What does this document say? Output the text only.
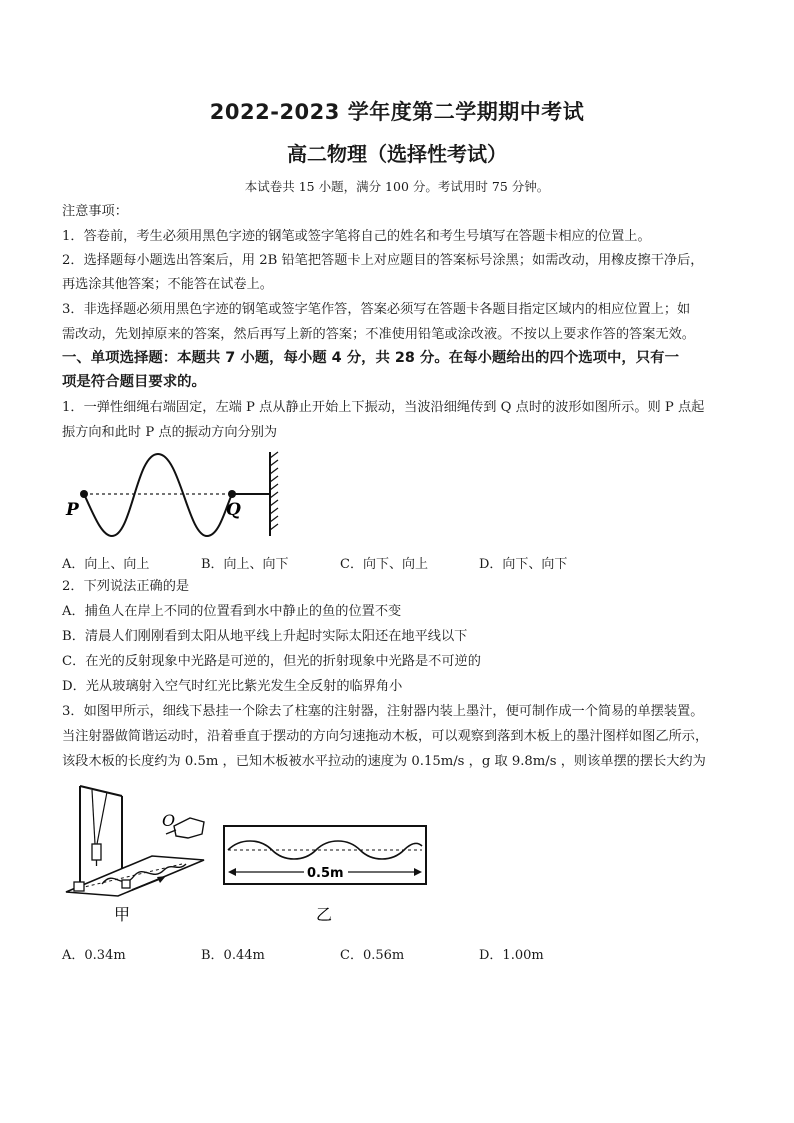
2022-2023 学年度第二学期期中考试
高二物理（选择性考试）
本试卷共 15 小题，满分 100 分。考试用时 75 分钟。
注意事项：
1．答卷前，考生必须用黑色字迹的钢笔或签字笔将自己的姓名和考生号填写在答题卡相应的位置上。
2．选择题每小题选出答案后，用 2B 铅笔把答题卡上对应题目的答案标号涂黑；如需改动，用橡皮擦干净后，
再选涂其他答案；不能答在试卷上。
3．非选择题必须用黑色字迹的钢笔或签字笔作答，答案必须写在答题卡各题目指定区域内的相应位置上；如
需改动，先划掉原来的答案，然后再写上新的答案；不准使用铅笔或涂改液。不按以上要求作答的答案无效。
一、单项选择题：本题共 7 小题，每小题 4 分，共 28 分。在每小题给出的四个选项中，只有一
项是符合题目要求的。
1．一弹性细绳右端固定，左端 P 点从静止开始上下振动，当波沿细绳传到 Q 点时的波形如图所示。则 P 点起
振方向和此时 P 点的振动方向分别为
P	Q
A．向上、向上	B．向上、向下	C．向下、向上	D．向下、向下
2．下列说法正确的是
A．捕鱼人在岸上不同的位置看到水中静止的鱼的位置不变
B．清晨人们刚刚看到太阳从地平线上升起时实际太阳还在地平线以下
C．在光的反射现象中光路是可逆的，但光的折射现象中光路是不可逆的
D．光从玻璃射入空气时红光比紫光发生全反射的临界角小
3．如图甲所示，细线下悬挂一个除去了柱塞的注射器，注射器内装上墨汁，便可制作成一个简易的单摆装置。
当注射器做简谐运动时，沿着垂直于摆动的方向匀速拖动木板，可以观察到落到木板上的墨汁图样如图乙所示，
该段木板的长度约为 0.5m ，已知木板被水平拉动的速度为 0.15m/s ，g 取 9.8m/s ，则该单摆的摆长大约为
O
甲
0.5m
乙
A．0.34m	B．0.44m	C．0.56m	D．1.00m
